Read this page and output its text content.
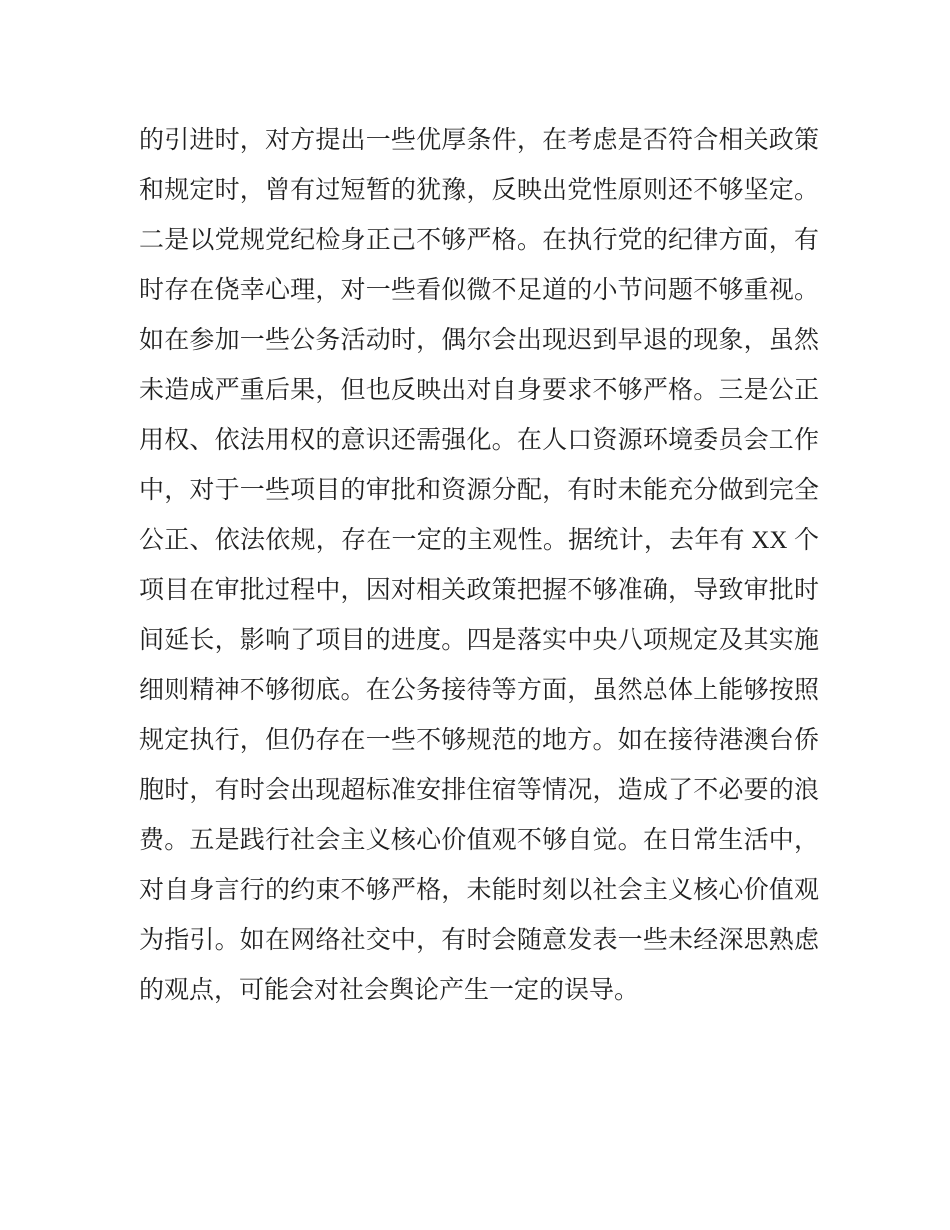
的引进时，对方提出一些优厚条件，在考虑是否符合相关政策
和规定时，曾有过短暂的犹豫，反映出党性原则还不够坚定。
二是以党规党纪检身正己不够严格。在执行党的纪律方面，有
时存在侥幸心理，对一些看似微不足道的小节问题不够重视。
如在参加一些公务活动时，偶尔会出现迟到早退的现象，虽然
未造成严重后果，但也反映出对自身要求不够严格。三是公正
用权、依法用权的意识还需强化。在人口资源环境委员会工作
中，对于一些项目的审批和资源分配，有时未能充分做到完全
公正、依法依规，存在一定的主观性。据统计，去年有 XX 个
项目在审批过程中，因对相关政策把握不够准确，导致审批时
间延长，影响了项目的进度。四是落实中央八项规定及其实施
细则精神不够彻底。在公务接待等方面，虽然总体上能够按照
规定执行，但仍存在一些不够规范的地方。如在接待港澳台侨
胞时，有时会出现超标准安排住宿等情况，造成了不必要的浪
费。五是践行社会主义核心价值观不够自觉。在日常生活中，
对自身言行的约束不够严格，未能时刻以社会主义核心价值观
为指引。如在网络社交中，有时会随意发表一些未经深思熟虑
的观点，可能会对社会舆论产生一定的误导。
